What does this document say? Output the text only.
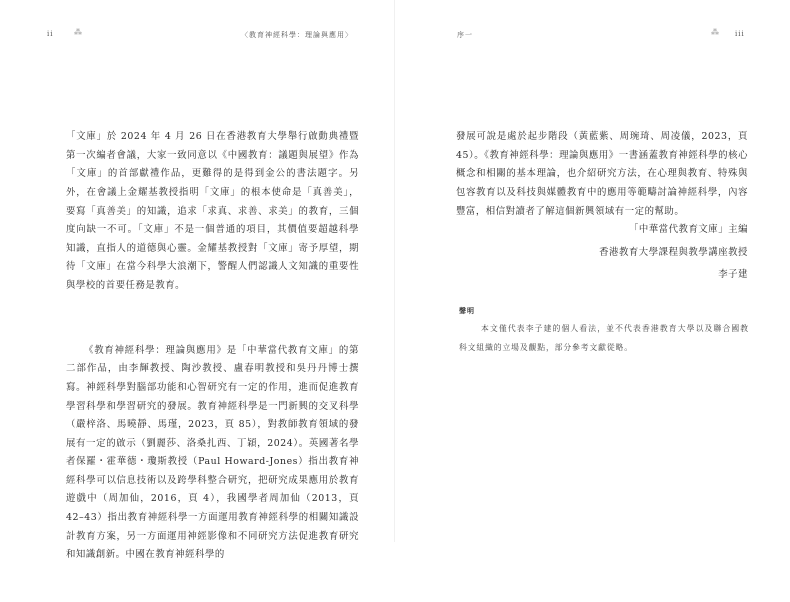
ii	⁂	〈教育神經科學：理論與應用〉

「文庫」於 2024 年 4 月 26 日在香港教育大學舉行啟動典禮暨第一次編者會議，大家一致同意以《中國教育：議題與展望》作為「文庫」的首部獻禮作品，更難得的是得到金公的書法題字。另外，在會議上金耀基教授指明「文庫」的根本使命是「真善美」，要寫「真善美」的知識，追求「求真、求善、求美」的教育，三個度向缺一不可。「文庫」不是一個普通的項目，其價值要超越科學知識，直指人的道德與心靈。金耀基教授對「文庫」寄予厚望，期待「文庫」在當今科學大浪潮下，警醒人們認識人文知識的重要性與學校的首要任務是教育。

《教育神經科學：理論與應用》是「中華當代教育文庫」的第二部作品，由李輝教授、陶沙教授、盧春明教授和吳丹丹博士撰寫。神經科學對腦部功能和心智研究有一定的作用，進而促進教育學習科學和學習研究的發展。教育神經科學是一門新興的交叉科學（嚴梓洛、馬曉靜、馬瑾，2023，頁 85），對教師教育領域的發展有一定的啟示（劉麗莎、洛桑扎西、丁穎，2024）。英國著名學者保羅・霍華德・瓊斯教授（Paul Howard-Jones）指出教育神經科學可以信息技術以及跨學科整合研究，把研究成果應用於教育遊戲中（周加仙，2016，頁 4），我國學者周加仙（2013，頁 42–43）指出教育神經科學一方面運用教育神經科學的相關知識設計教育方案，另一方面運用神經影像和不同研究方法促進教育研究和知識創新。中國在教育神經科學的

序一	⁂ iii

發展可說是處於起步階段（黃藍紫、周琬琦、周凌儀，2023，頁 45）。《教育神經科學：理論與應用》一書涵蓋教育神經科學的核心概念和相關的基本理論，也介紹研究方法，在心理與教育、特殊與包容教育以及科技與媒體教育中的應用等範疇討論神經科學，內容豐富，相信對讀者了解這個新興領域有一定的幫助。

「中華當代教育文庫」主編
香港教育大學課程與教學講座教授
李子建
聲明
本文僅代表李子建的個人看法，並不代表香港教育大學以及聯合國教科文組織的立場及觀點，部分參考文獻從略。
